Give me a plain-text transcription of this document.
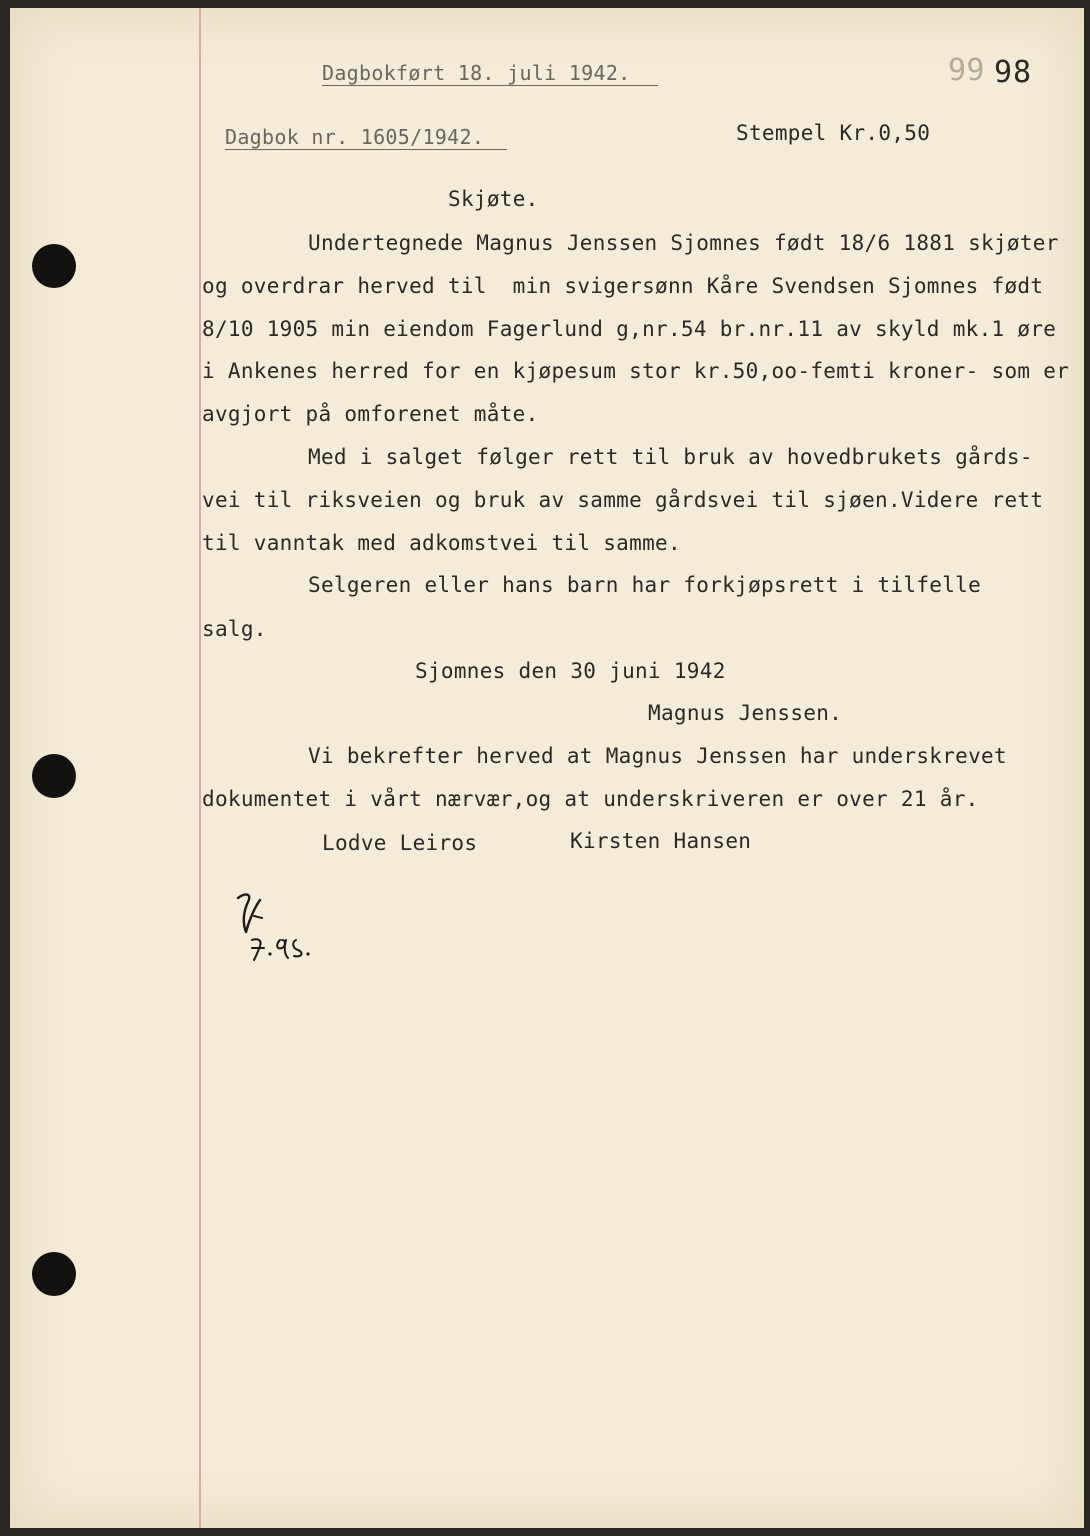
Dagbokført 18. juli 1942.
Dagbok nr. 1605/1942.	Stempel Kr.0,50
99 98
Skjøte.
Undertegnede Magnus Jenssen Sjomnes født 18/6 1881 skjøter
og overdrar herved til  min svigersønn Kåre Svendsen Sjomnes født
8/10 1905 min eiendom Fagerlund g,nr.54 br.nr.11 av skyld mk.1 øre
i Ankenes herred for en kjøpesum stor kr.50,oo-femti kroner- som er
avgjort på omforenet måte.
Med i salget følger rett til bruk av hovedbrukets gårds-
vei til riksveien og bruk av samme gårdsvei til sjøen.Videre rett
til vanntak med adkomstvei til samme.
Selgeren eller hans barn har forkjøpsrett i tilfelle
salg.
Sjomnes den 30 juni 1942
Magnus Jenssen.
Vi bekrefter herved at Magnus Jenssen har underskrevet
dokumentet i vårt nærvær,og at underskriveren er over 21 år.
Lodve Leiros	Kirsten Hansen
